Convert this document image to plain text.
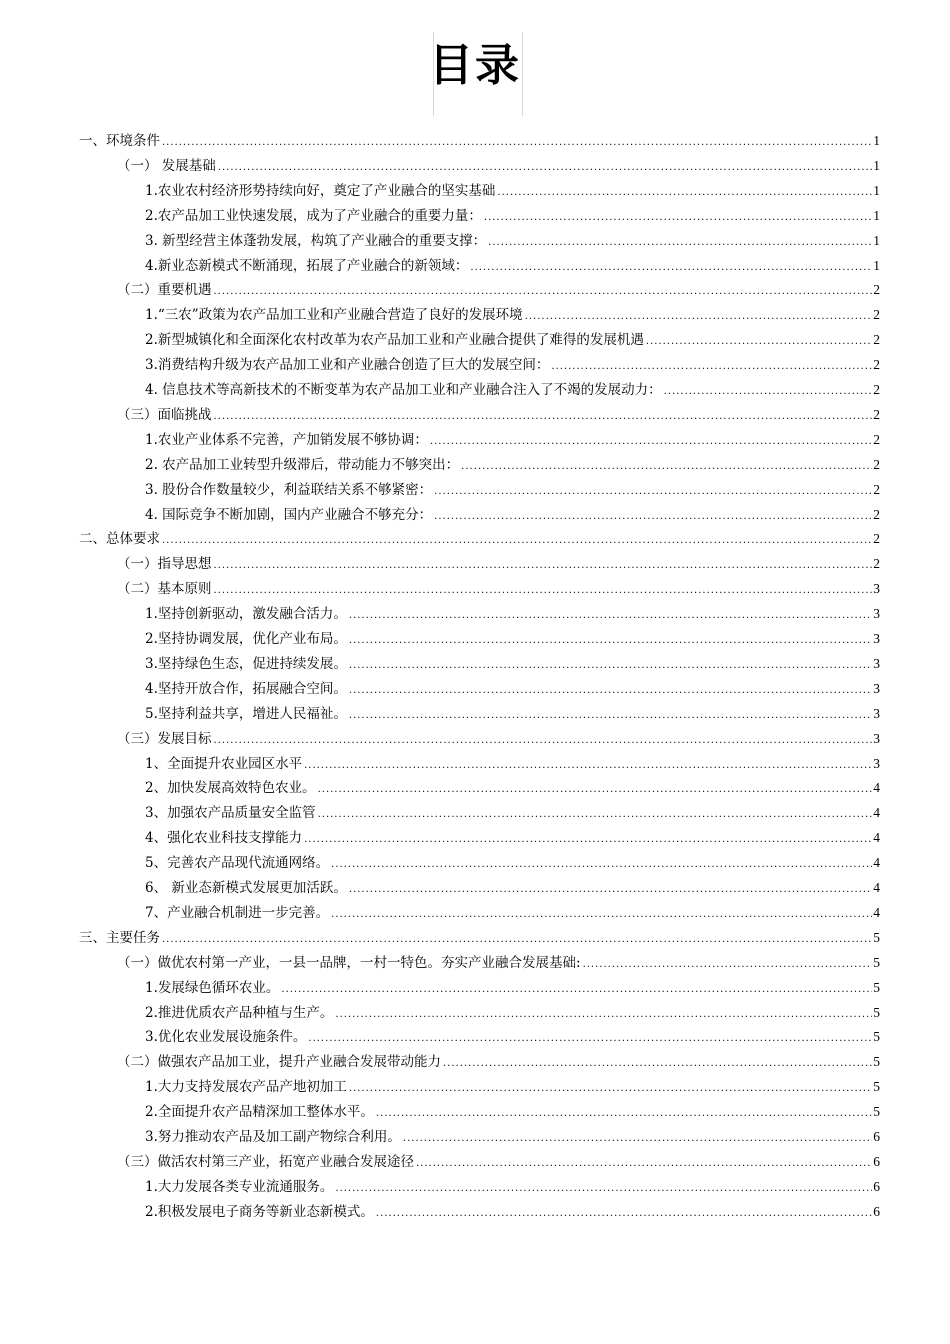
目录
一、环境条件 .....	1
（一） 发展基础 .....	1
1.农业农村经济形势持续向好，奠定了产业融合的坚实基础 .....	1
2.农产品加工业快速发展，成为了产业融合的重要力量： .....	1
3. 新型经营主体蓬勃发展，构筑了产业融合的重要支撑： .....	1
4.新业态新模式不断涌现，拓展了产业融合的新领域： .....	1
（二）重要机遇 .....	2
1.“三农”政策为农产品加工业和产业融合营造了良好的发展环境 .....	2
2.新型城镇化和全面深化农村改革为农产品加工业和产业融合提供了难得的发展机遇 .....	2
3.消费结构升级为农产品加工业和产业融合创造了巨大的发展空间： .....	2
4. 信息技术等高新技术的不断变革为农产品加工业和产业融合注入了不竭的发展动力： .....	2
（三）面临挑战 .....	2
1.农业产业体系不完善，产加销发展不够协调： .....	2
2. 农产品加工业转型升级滞后，带动能力不够突出： .....	2
3. 股份合作数量较少，利益联结关系不够紧密： .....	2
4. 国际竞争不断加剧，国内产业融合不够充分： .....	2
二、总体要求 .....	2
（一）指导思想 .....	2
（二）基本原则 .....	3
1.坚持创新驱动，激发融合活力。 .....	3
2.坚持协调发展，优化产业布局。 .....	3
3.坚持绿色生态，促进持续发展。 .....	3
4.坚持开放合作，拓展融合空间。 .....	3
5.坚持利益共享，增进人民福祉。 .....	3
（三）发展目标 .....	3
1、全面提升农业园区水平 .....	3
2、加快发展高效特色农业。 .....	4
3、加强农产品质量安全监管 .....	4
4、强化农业科技支撑能力 .....	4
5、完善农产品现代流通网络。 .....	4
6、 新业态新模式发展更加活跃。 .....	4
7、产业融合机制进一步完善。 .....	4
三、主要任务 .....	5
（一）做优农村第一产业，一县一品牌，一村一特色。夯实产业融合发展基础: .....	5
1.发展绿色循环农业。 .....	5
2.推进优质农产品种植与生产。 .....	5
3.优化农业发展设施条件。 .....	5
（二）做强农产品加工业，提升产业融合发展带动能力 .....	5
1.大力支持发展农产品产地初加工 .....	5
2.全面提升农产品精深加工整体水平。 .....	5
3.努力推动农产品及加工副产物综合利用。 .....	6
（三）做活农村第三产业，拓宽产业融合发展途径 .....	6
1.大力发展各类专业流通服务。 .....	6
2.积极发展电子商务等新业态新模式。 .....	6
